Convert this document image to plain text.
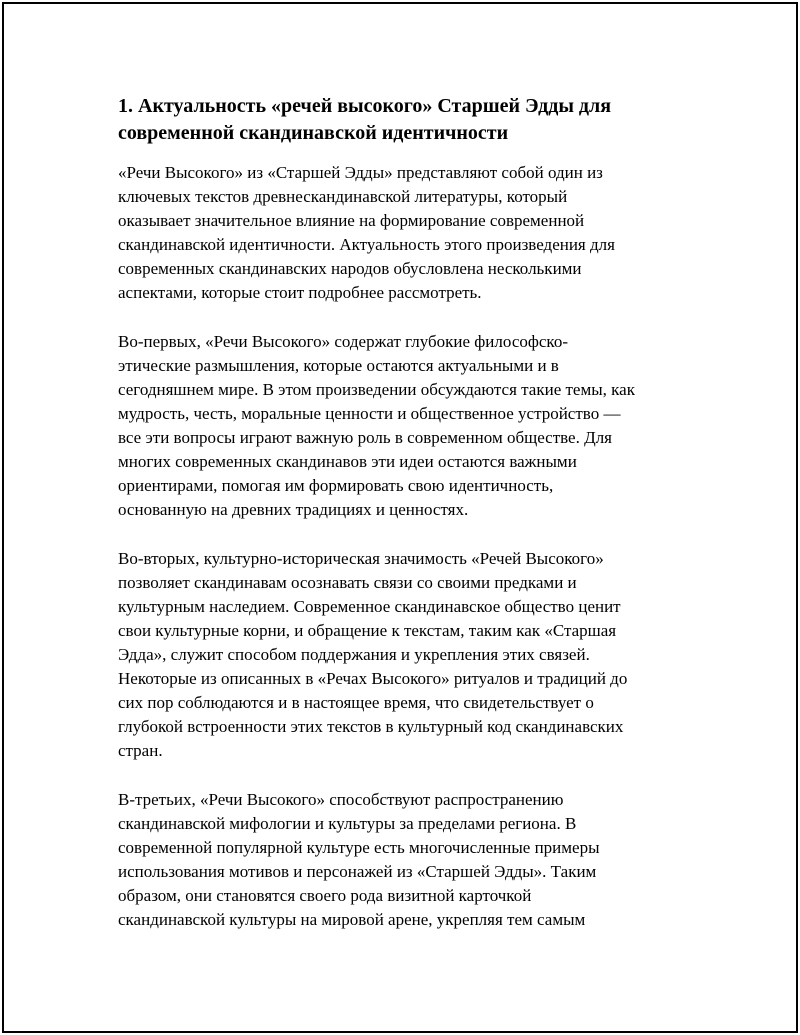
1. Актуальность «речей высокого» Старшей Эдды для
современной скандинавской идентичности

«Речи Высокого» из «Старшей Эдды» представляют собой один из
ключевых текстов древнескандинавской литературы, который
оказывает значительное влияние на формирование современной
скандинавской идентичности. Актуальность этого произведения для
современных скандинавских народов обусловлена несколькими
аспектами, которые стоит подробнее рассмотреть.

Во-первых, «Речи Высокого» содержат глубокие философско-
этические размышления, которые остаются актуальными и в
сегодняшнем мире. В этом произведении обсуждаются такие темы, как
мудрость, честь, моральные ценности и общественное устройство —
все эти вопросы играют важную роль в современном обществе. Для
многих современных скандинавов эти идеи остаются важными
ориентирами, помогая им формировать свою идентичность,
основанную на древних традициях и ценностях.

Во-вторых, культурно-историческая значимость «Речей Высокого»
позволяет скандинавам осознавать связи со своими предками и
культурным наследием. Современное скандинавское общество ценит
свои культурные корни, и обращение к текстам, таким как «Старшая
Эдда», служит способом поддержания и укрепления этих связей.
Некоторые из описанных в «Речах Высокого» ритуалов и традиций до
сих пор соблюдаются и в настоящее время, что свидетельствует о
глубокой встроенности этих текстов в культурный код скандинавских
стран.

В-третьих, «Речи Высокого» способствуют распространению
скандинавской мифологии и культуры за пределами региона. В
современной популярной культуре есть многочисленные примеры
использования мотивов и персонажей из «Старшей Эдды». Таким
образом, они становятся своего рода визитной карточкой
скандинавской культуры на мировой арене, укрепляя тем самым
